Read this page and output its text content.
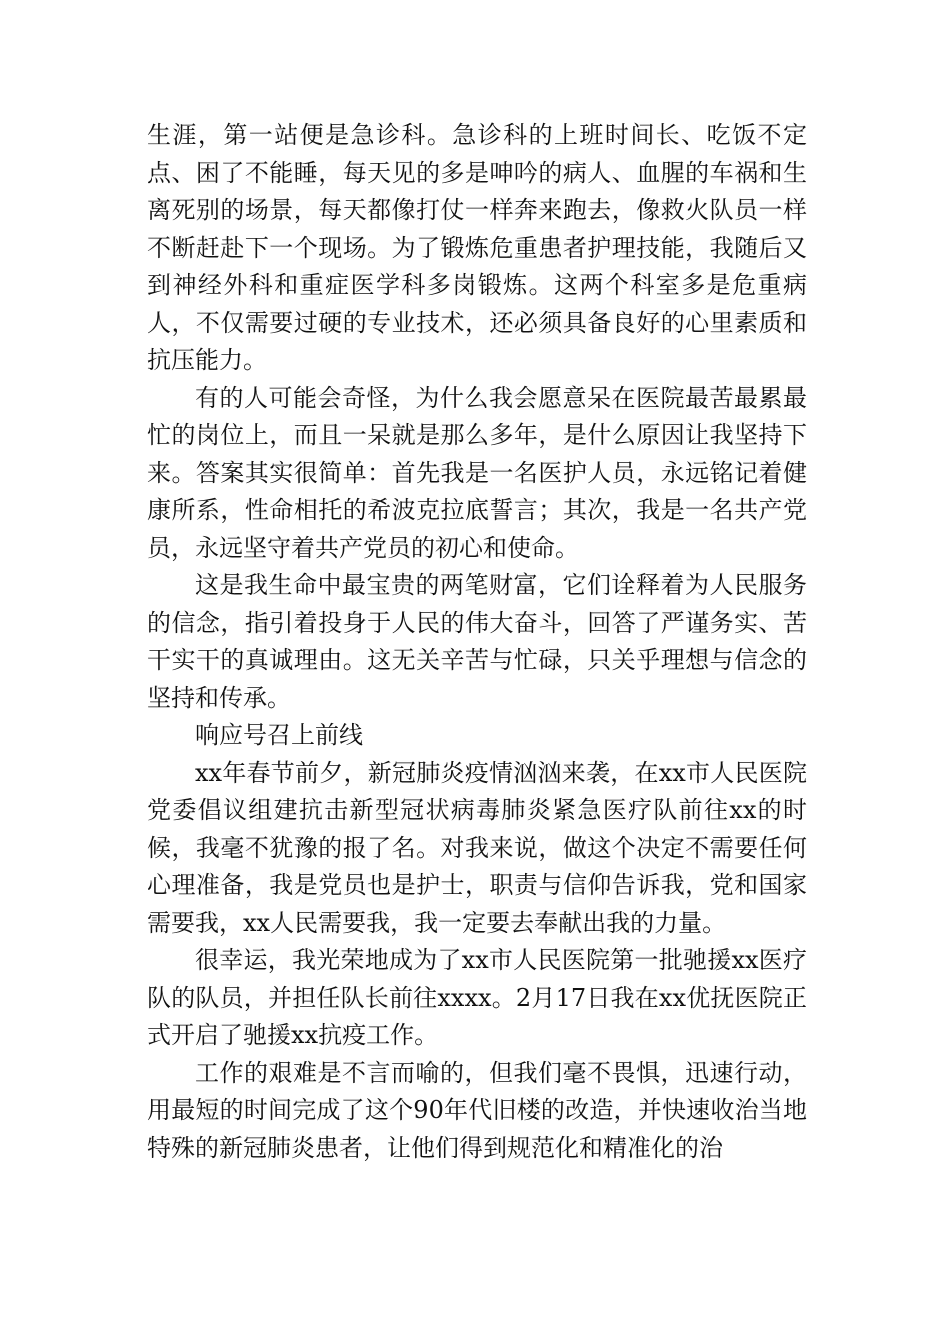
生涯，第一站便是急诊科。急诊科的上班时间长、吃饭不定点、困了不能睡，每天见的多是呻吟的病人、血腥的车祸和生离死别的场景，每天都像打仗一样奔来跑去，像救火队员一样不断赶赴下一个现场。为了锻炼危重患者护理技能，我随后又到神经外科和重症医学科多岗锻炼。这两个科室多是危重病人，不仅需要过硬的专业技术，还必须具备良好的心里素质和抗压能力。

有的人可能会奇怪，为什么我会愿意呆在医院最苦最累最忙的岗位上，而且一呆就是那么多年，是什么原因让我坚持下来。答案其实很简单：首先我是一名医护人员，永远铭记着健康所系，性命相托的希波克拉底誓言；其次，我是一名共产党员，永远坚守着共产党员的初心和使命。

这是我生命中最宝贵的两笔财富，它们诠释着为人民服务的信念，指引着投身于人民的伟大奋斗，回答了严谨务实、苦干实干的真诚理由。这无关辛苦与忙碌，只关乎理想与信念的坚持和传承。

响应号召上前线

xx年春节前夕，新冠肺炎疫情汹汹来袭，在xx市人民医院党委倡议组建抗击新型冠状病毒肺炎紧急医疗队前往xx的时候，我毫不犹豫的报了名。对我来说，做这个决定不需要任何心理准备，我是党员也是护士，职责与信仰告诉我，党和国家需要我，xx人民需要我，我一定要去奉献出我的力量。

很幸运，我光荣地成为了xx市人民医院第一批驰援xx医疗队的队员，并担任队长前往xxxx。2月17日我在xx优抚医院正式开启了驰援xx抗疫工作。

工作的艰难是不言而喻的，但我们毫不畏惧，迅速行动，用最短的时间完成了这个90年代旧楼的改造，并快速收治当地特殊的新冠肺炎患者，让他们得到规范化和精准化的治
